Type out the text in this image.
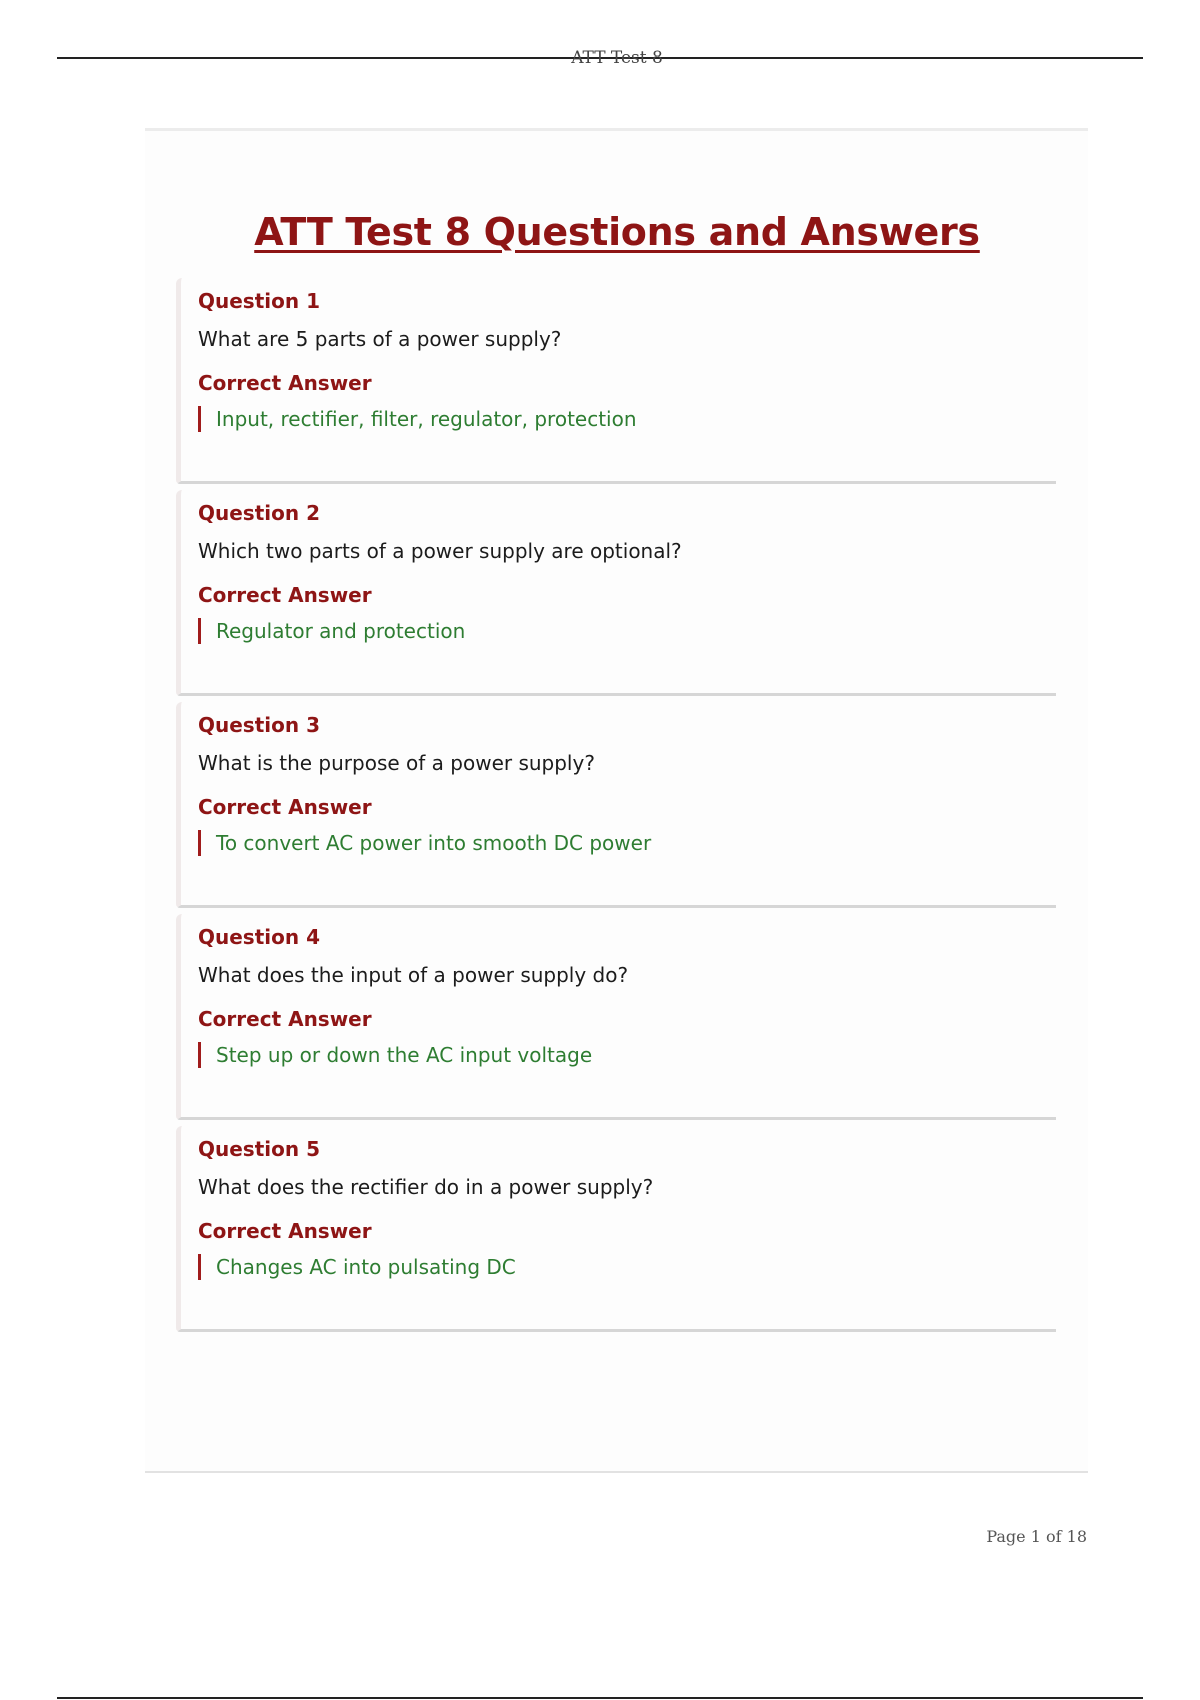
ATT Test 8
ATT Test 8 Questions and Answers
Question 1
What are 5 parts of a power supply?
Correct Answer
Input, rectifier, filter, regulator, protection
Question 2
Which two parts of a power supply are optional?
Correct Answer
Regulator and protection
Question 3
What is the purpose of a power supply?
Correct Answer
To convert AC power into smooth DC power
Question 4
What does the input of a power supply do?
Correct Answer
Step up or down the AC input voltage
Question 5
What does the rectifier do in a power supply?
Correct Answer
Changes AC into pulsating DC
Page 1 of 18
